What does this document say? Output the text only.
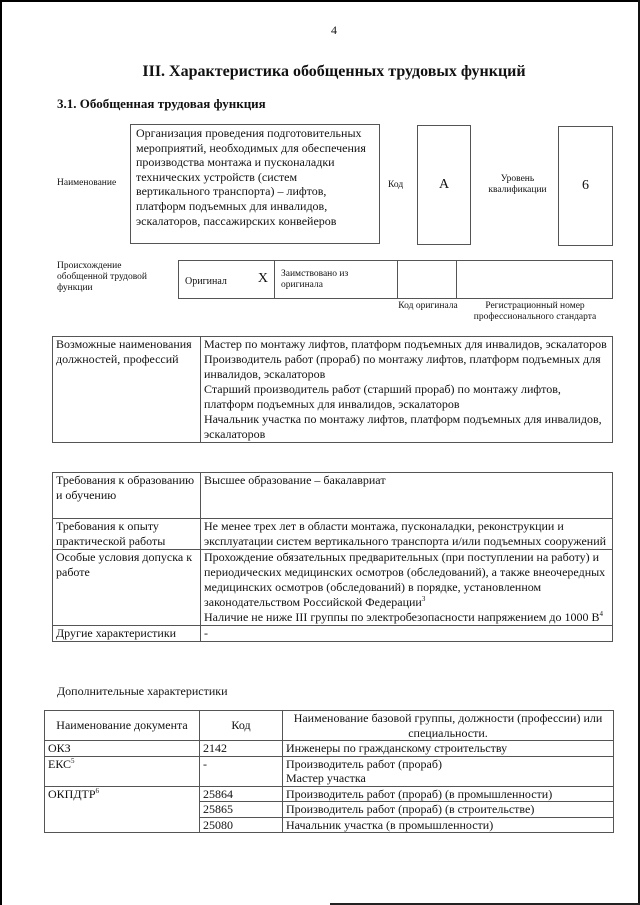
4
III. Характеристика обобщенных трудовых функций
3.1. Обобщенная трудовая функция
Наименование
Организация проведения подготовительных мероприятий, необходимых для обеспечения производства монтажа и пусконаладки технических устройств (систем вертикального транспорта) – лифтов, платформ подъемных для инвалидов, эскалаторов, пассажирских конвейеров
Код	А	Уровень квалификации	6
Происхождение обобщенной трудовой функции
Оригинал X	Заимствовано из оригинала		
Код оригинала	Регистрационный номер профессионального стандарта
Возможные наименования должностей, профессий	
Мастер по монтажу лифтов, платформ подъемных для инвалидов, эскалаторов
Производитель работ (прораб) по монтажу лифтов, платформ подъемных для инвалидов, эскалаторов
Старший производитель работ (старший прораб) по монтажу лифтов, платформ подъемных для инвалидов, эскалаторов
Начальник участка по монтажу лифтов, платформ подъемных для инвалидов, эскалаторов
Требования к образованию и обучению	Высшее образование – бакалавриат
Требования к опыту практической работы	Не менее трех лет в области монтажа, пусконаладки, реконструкции и эксплуатации систем вертикального транспорта и/или подъемных сооружений
Особые условия допуска к работе	Прохождение обязательных предварительных (при поступлении на работу) и периодических медицинских осмотров (обследований), а также внеочередных медицинских осмотров (обследований) в порядке, установленном законодательством Российской Федерации$^3$
Наличие не ниже III группы по электробезопасности напряжением до 1000 $В^4$

Другие характеристики	-
Дополнительные характеристики
Наименование документа	Код	Наименование базовой группы, должности (профессии) или специальности.
ОКЗ	2142	Инженеры по гражданскому строительству
ЕКС$^5$	-	Производитель работ (прораб)
		Мастер участка
ОКПДТР$^6$	25864	Производитель работ (прораб) (в промышленности)
	25865	Производитель работ (прораб) (в строительстве)
	25080	Начальник участка (в промышленности)
